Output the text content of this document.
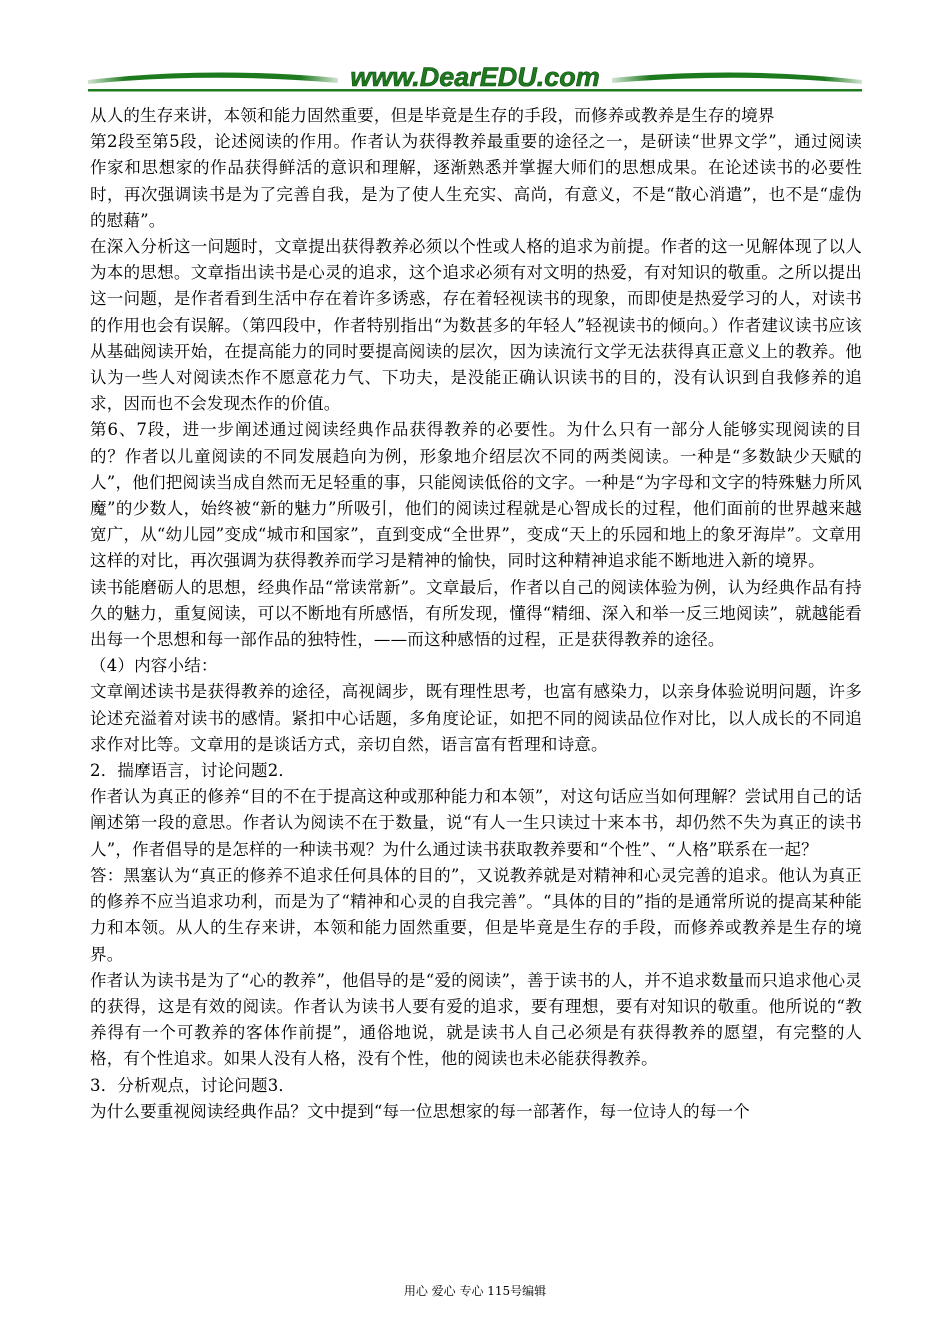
www.DearEDU.com

从人的生存来讲，本领和能力固然重要，但是毕竟是生存的手段，而修养或教养是生存的境界

第2段至第5段，论述阅读的作用。作者认为获得教养最重要的途径之一，是研读“世界文学”，通过阅读作家和思想家的作品获得鲜活的意识和理解，逐渐熟悉并掌握大师们的思想成果。在论述读书的必要性时，再次强调读书是为了完善自我，是为了使人生充实、高尚，有意义，不是“散心消遣”，也不是“虚伪的慰藉”。

在深入分析这一问题时，文章提出获得教养必须以个性或人格的追求为前提。作者的这一见解体现了以人为本的思想。文章指出读书是心灵的追求，这个追求必须有对文明的热爱，有对知识的敬重。之所以提出这一问题，是作者看到生活中存在着许多诱惑，存在着轻视读书的现象，而即使是热爱学习的人，对读书的作用也会有误解。（第四段中，作者特别指出“为数甚多的年轻人”轻视读书的倾向。）作者建议读书应该从基础阅读开始，在提高能力的同时要提高阅读的层次，因为读流行文学无法获得真正意义上的教养。他认为一些人对阅读杰作不愿意花力气、下功夫，是没能正确认识读书的目的，没有认识到自我修养的追求，因而也不会发现杰作的价值。

第6、7段，进一步阐述通过阅读经典作品获得教养的必要性。为什么只有一部分人能够实现阅读的目的？作者以儿童阅读的不同发展趋向为例，形象地介绍层次不同的两类阅读。一种是“多数缺少天赋的人”，他们把阅读当成自然而无足轻重的事，只能阅读低俗的文字。一种是“为字母和文字的特殊魅力所风魔”的少数人，始终被“新的魅力”所吸引，他们的阅读过程就是心智成长的过程，他们面前的世界越来越宽广，从“幼儿园”变成“城市和国家”，直到变成“全世界”，变成“天上的乐园和地上的象牙海岸”。文章用这样的对比，再次强调为获得教养而学习是精神的愉快，同时这种精神追求能不断地进入新的境界。

读书能磨砺人的思想，经典作品“常读常新”。文章最后，作者以自己的阅读体验为例，认为经典作品有持久的魅力，重复阅读，可以不断地有所感悟，有所发现，懂得“精细、深入和举一反三地阅读”，就越能看出每一个思想和每一部作品的独特性，——而这种感悟的过程，正是获得教养的途径。

（4）内容小结：

文章阐述读书是获得教养的途径，高视阔步，既有理性思考，也富有感染力，以亲身体验说明问题，许多论述充溢着对读书的感情。紧扣中心话题，多角度论证，如把不同的阅读品位作对比，以人成长的不同追求作对比等。文章用的是谈话方式，亲切自然，语言富有哲理和诗意。

2．揣摩语言，讨论问题2．

作者认为真正的修养“目的不在于提高这种或那种能力和本领”，对这句话应当如何理解？尝试用自己的话阐述第一段的意思。作者认为阅读不在于数量，说“有人一生只读过十来本书，却仍然不失为真正的读书人”，作者倡导的是怎样的一种读书观？为什么通过读书获取教养要和“个性”、“人格”联系在一起？

答：黑塞认为“真正的修养不追求任何具体的目的”，又说教养就是对精神和心灵完善的追求。他认为真正的修养不应当追求功利，而是为了“精神和心灵的自我完善”。“具体的目的”指的是通常所说的提高某种能力和本领。从人的生存来讲，本领和能力固然重要，但是毕竟是生存的手段，而修养或教养是生存的境界。

作者认为读书是为了“心的教养”，他倡导的是“爱的阅读”，善于读书的人，并不追求数量而只追求他心灵的获得，这是有效的阅读。作者认为读书人要有爱的追求，要有理想，要有对知识的敬重。他所说的“教养得有一个可教养的客体作前提”，通俗地说，就是读书人自己必须是有获得教养的愿望，有完整的人格，有个性追求。如果人没有人格，没有个性，他的阅读也未必能获得教养。

3．分析观点，讨论问题3．

为什么要重视阅读经典作品？文中提到“每一位思想家的每一部著作，每一位诗人的每一个

用心 爱心 专心 115号编辑
